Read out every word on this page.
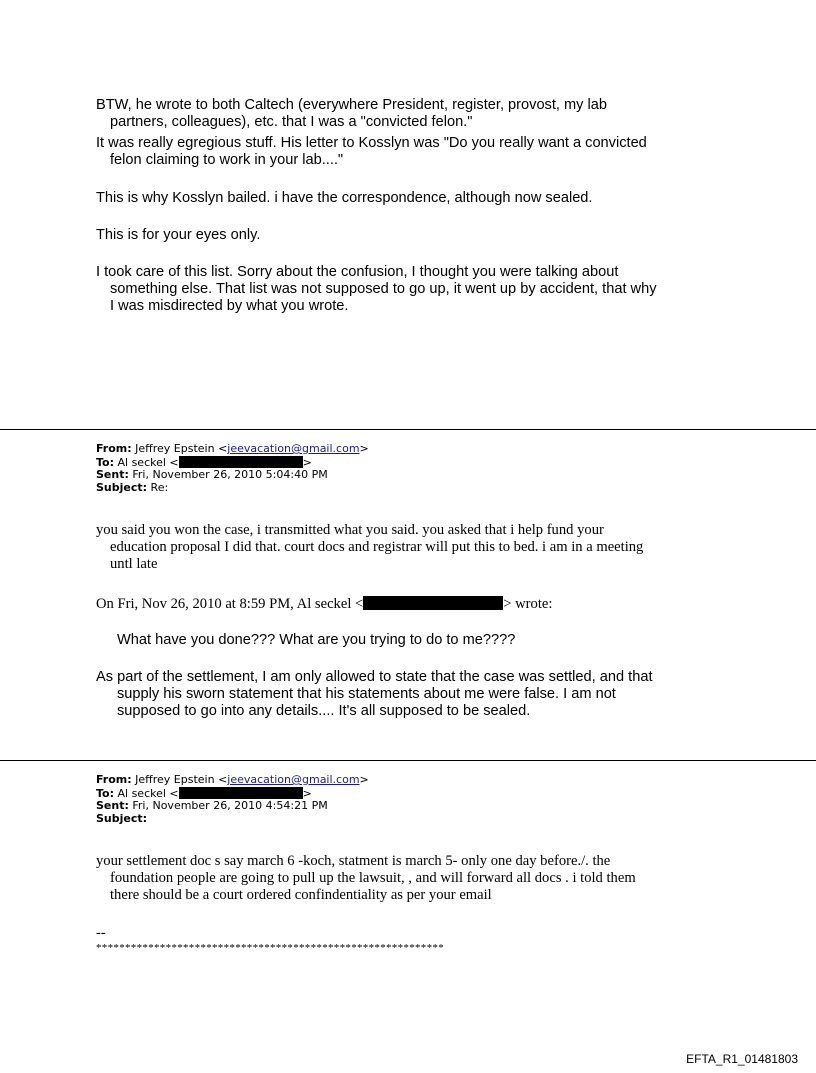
BTW, he wrote to both Caltech (everywhere President, register, provost, my lab
partners, colleagues), etc. that I was a "convicted felon."
It was really egregious stuff. His letter to Kosslyn was "Do you really want a convicted
felon claiming to work in your lab...."
This is why Kosslyn bailed. i have the correspondence, although now sealed.
This is for your eyes only.
I took care of this list. Sorry about the confusion, I thought you were talking about
something else. That list was not supposed to go up, it went up by accident, that why
I was misdirected by what you wrote.
From: Jeffrey Epstein <jeevacation@gmail.com>
To: Al seckel <	>
Sent: Fri, November 26, 2010 5:04:40 PM
Subject: Re:
you said you won the case, i transmitted what you said. you asked that i help fund your
education proposal I did that. court docs and registrar will put this to bed. i am in a meeting
untl late
On Fri, Nov 26, 2010 at 8:59 PM, Al seckel <	> wrote:
What have you done??? What are you trying to do to me????
As part of the settlement, I am only allowed to state that the case was settled, and that
supply his sworn statement that his statements about me were false. I am not
supposed to go into any details.... It's all supposed to be sealed.
From: Jeffrey Epstein <jeevacation@gmail.com>
To: Al seckel <	>
Sent: Fri, November 26, 2010 4:54:21 PM
Subject:
your settlement doc s say march 6 -koch, statment is march 5- only one day before./. the
foundation people are going to pull up the lawsuit, , and will forward all docs . i told them
there should be a court ordered confindentiality as per your email
--
************************************************************
EFTA_R1_01481803
